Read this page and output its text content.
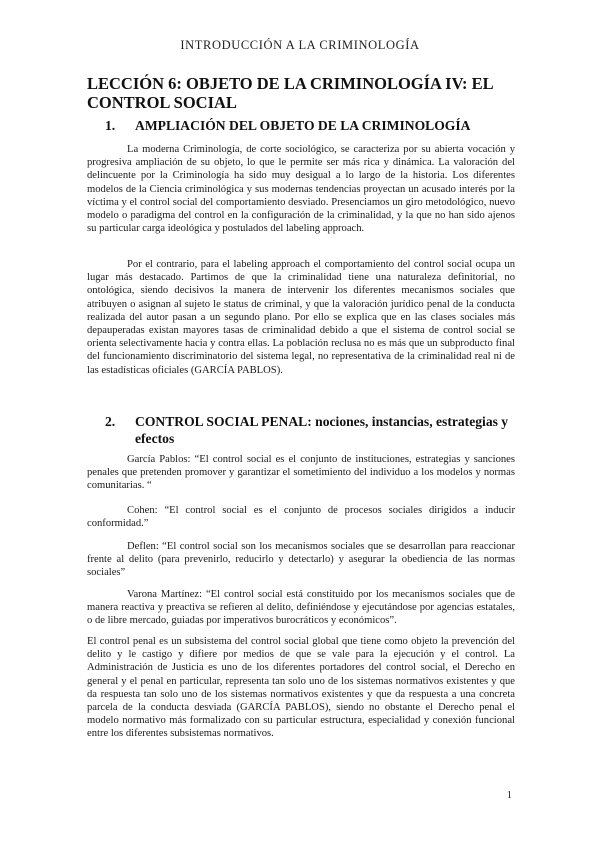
INTRODUCCIÓN A LA CRIMINOLOGÍA
LECCIÓN 6: OBJETO DE LA CRIMINOLOGÍA IV: EL CONTROL SOCIAL
1.	AMPLIACIÓN DEL OBJETO DE LA CRIMINOLOGÍA

La moderna Criminología, de corte sociológico, se caracteriza por su abierta vocación y progresiva ampliación de su objeto, lo que le permite ser más rica y dinámica. La valoración del delincuente por la Criminología ha sido muy desigual a lo largo de la historia. Los diferentes modelos de la Ciencia criminológica y sus modernas tendencias proyectan un acusado interés por la víctima y el control social del comportamiento desviado. Presenciamos un giro metodológico, nuevo modelo o paradigma del control en la configuración de la criminalidad, y la que no han sido ajenos su particular carga ideológica y postulados del labeling approach.

Por el contrario, para el labeling approach el comportamiento del control social ocupa un lugar más destacado. Partimos de que la criminalidad tiene una naturaleza definitorial, no ontológica, siendo decisivos la manera de intervenir los diferentes mecanismos sociales que atribuyen o asignan al sujeto le status de criminal, y que la valoración jurídico penal de la conducta realizada del autor pasan a un segundo plano. Por ello se explica que en las clases sociales más depauperadas existan mayores tasas de criminalidad debido a que el sistema de control social se orienta selectivamente hacia y contra ellas. La población reclusa no es más que un subproducto final del funcionamiento discriminatorio del sistema legal, no representativa de la criminalidad real ni de las estadísticas oficiales (GARCÍA PABLOS).

2.	CONTROL SOCIAL PENAL: nociones, instancias, estrategias y efectos

García Pablos: “El control social es el conjunto de instituciones, estrategias y sanciones penales que pretenden promover y garantizar el sometimiento del individuo a los modelos y normas comunitarias. “

Cohen: “El control social es el conjunto de procesos sociales dirigidos a inducir conformidad.”

Deflen: “El control social son los mecanismos sociales que se desarrollan para reaccionar frente al delito (para prevenirlo, reducirlo y detectarlo) y asegurar la obediencia de las normas sociales”

Varona Martínez: “El control social está constituido por los mecanismos sociales que de manera reactiva y preactiva se refieren al delito, definiéndose y ejecutándose por agencias estatales, o de libre mercado, guiadas por imperativos burocráticos y económicos”.

El control penal es un subsistema del control social global que tiene como objeto la prevención del delito y le castigo y difiere por medios de que se vale para la ejecución y el control. La Administración de Justicia es uno de los diferentes portadores del control social, el Derecho en general y el penal en particular, representa tan solo uno de los sistemas normativos existentes y que da respuesta tan solo uno de los sistemas normativos existentes y que da respuesta a una concreta parcela de la conducta desviada (GARCÍA PABLOS), siendo no obstante el Derecho penal el modelo normativo más formalizado con su particular estructura, especialidad y conexión funcional entre los diferentes subsistemas normativos.

1
